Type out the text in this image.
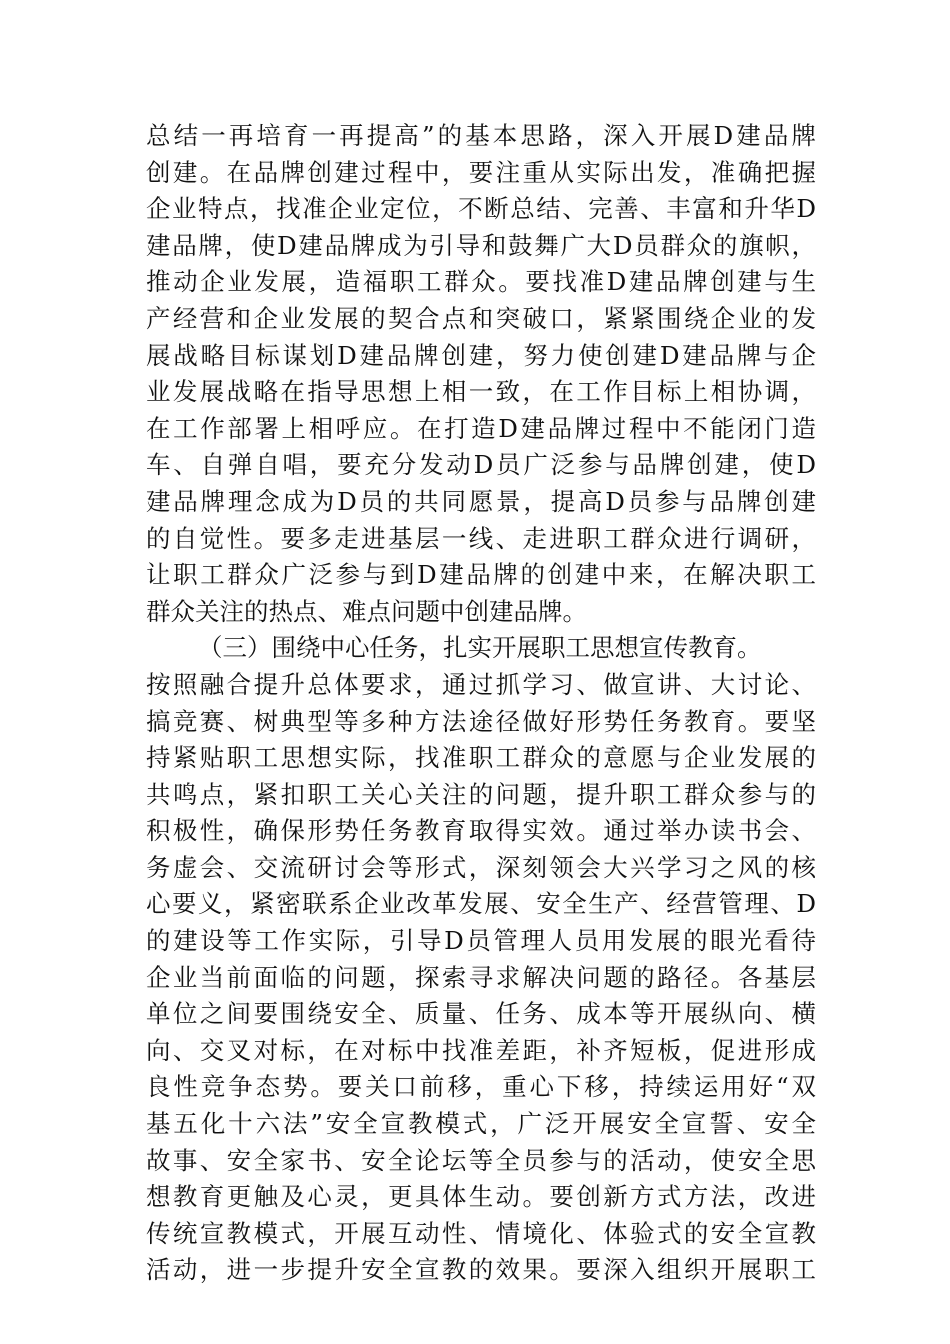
总结一再培育一再提高”的基本思路，深入开展D建品牌
创建。在品牌创建过程中，要注重从实际出发，准确把握
企业特点，找准企业定位，不断总结、完善、丰富和升华D
建品牌，使D建品牌成为引导和鼓舞广大D员群众的旗帜，
推动企业发展，造福职工群众。要找准D建品牌创建与生
产经营和企业发展的契合点和突破口，紧紧围绕企业的发
展战略目标谋划D建品牌创建，努力使创建D建品牌与企
业发展战略在指导思想上相一致，在工作目标上相协调，
在工作部署上相呼应。在打造D建品牌过程中不能闭门造
车、自弹自唱，要充分发动D员广泛参与品牌创建，使D
建品牌理念成为D员的共同愿景，提高D员参与品牌创建
的自觉性。要多走进基层一线、走进职工群众进行调研，
让职工群众广泛参与到D建品牌的创建中来，在解决职工
群众关注的热点、难点问题中创建品牌。
（三）围绕中心任务，扎实开展职工思想宣传教育。
按照融合提升总体要求，通过抓学习、做宣讲、大讨论、
搞竞赛、树典型等多种方法途径做好形势任务教育。要坚
持紧贴职工思想实际，找准职工群众的意愿与企业发展的
共鸣点，紧扣职工关心关注的问题，提升职工群众参与的
积极性，确保形势任务教育取得实效。通过举办读书会、
务虚会、交流研讨会等形式，深刻领会大兴学习之风的核
心要义，紧密联系企业改革发展、安全生产、经营管理、D
的建设等工作实际，引导D员管理人员用发展的眼光看待
企业当前面临的问题，探索寻求解决问题的路径。各基层
单位之间要围绕安全、质量、任务、成本等开展纵向、横
向、交叉对标，在对标中找准差距，补齐短板，促进形成
良性竞争态势。要关口前移，重心下移，持续运用好“双
基五化十六法”安全宣教模式，广泛开展安全宣誓、安全
故事、安全家书、安全论坛等全员参与的活动，使安全思
想教育更触及心灵，更具体生动。要创新方式方法，改进
传统宣教模式，开展互动性、情境化、体验式的安全宣教
活动，进一步提升安全宣教的效果。要深入组织开展职工
